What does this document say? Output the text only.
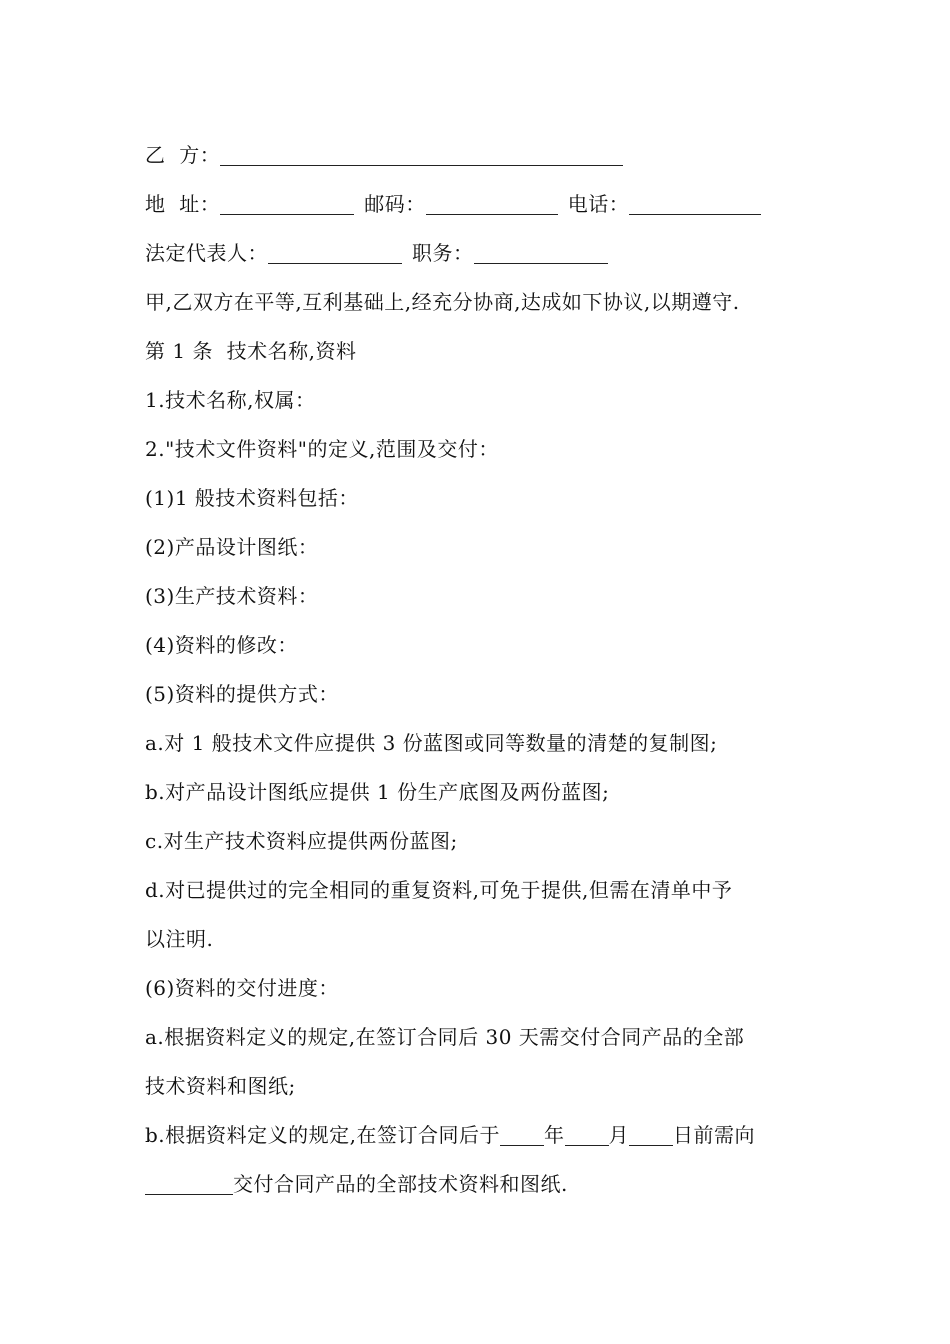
乙  方：
地  址：	邮码：	电话：
法定代表人：	职务：
甲,乙双方在平等,互利基础上,经充分协商,达成如下协议,以期遵守.
第 1 条  技术名称,资料
1.技术名称,权属：
2."技术文件资料"的定义,范围及交付：
(1)1 般技术资料包括：
(2)产品设计图纸：
(3)生产技术资料：
(4)资料的修改：
(5)资料的提供方式：
a.对 1 般技术文件应提供 3 份蓝图或同等数量的清楚的复制图;
b.对产品设计图纸应提供 1 份生产底图及两份蓝图;
c.对生产技术资料应提供两份蓝图;
d.对已提供过的完全相同的重复资料,可免于提供,但需在清单中予
以注明.
(6)资料的交付进度：
a.根据资料定义的规定,在签订合同后 30 天需交付合同产品的全部
技术资料和图纸;
b.根据资料定义的规定,在签订合同后于 年 月 日前需向
交付合同产品的全部技术资料和图纸.
